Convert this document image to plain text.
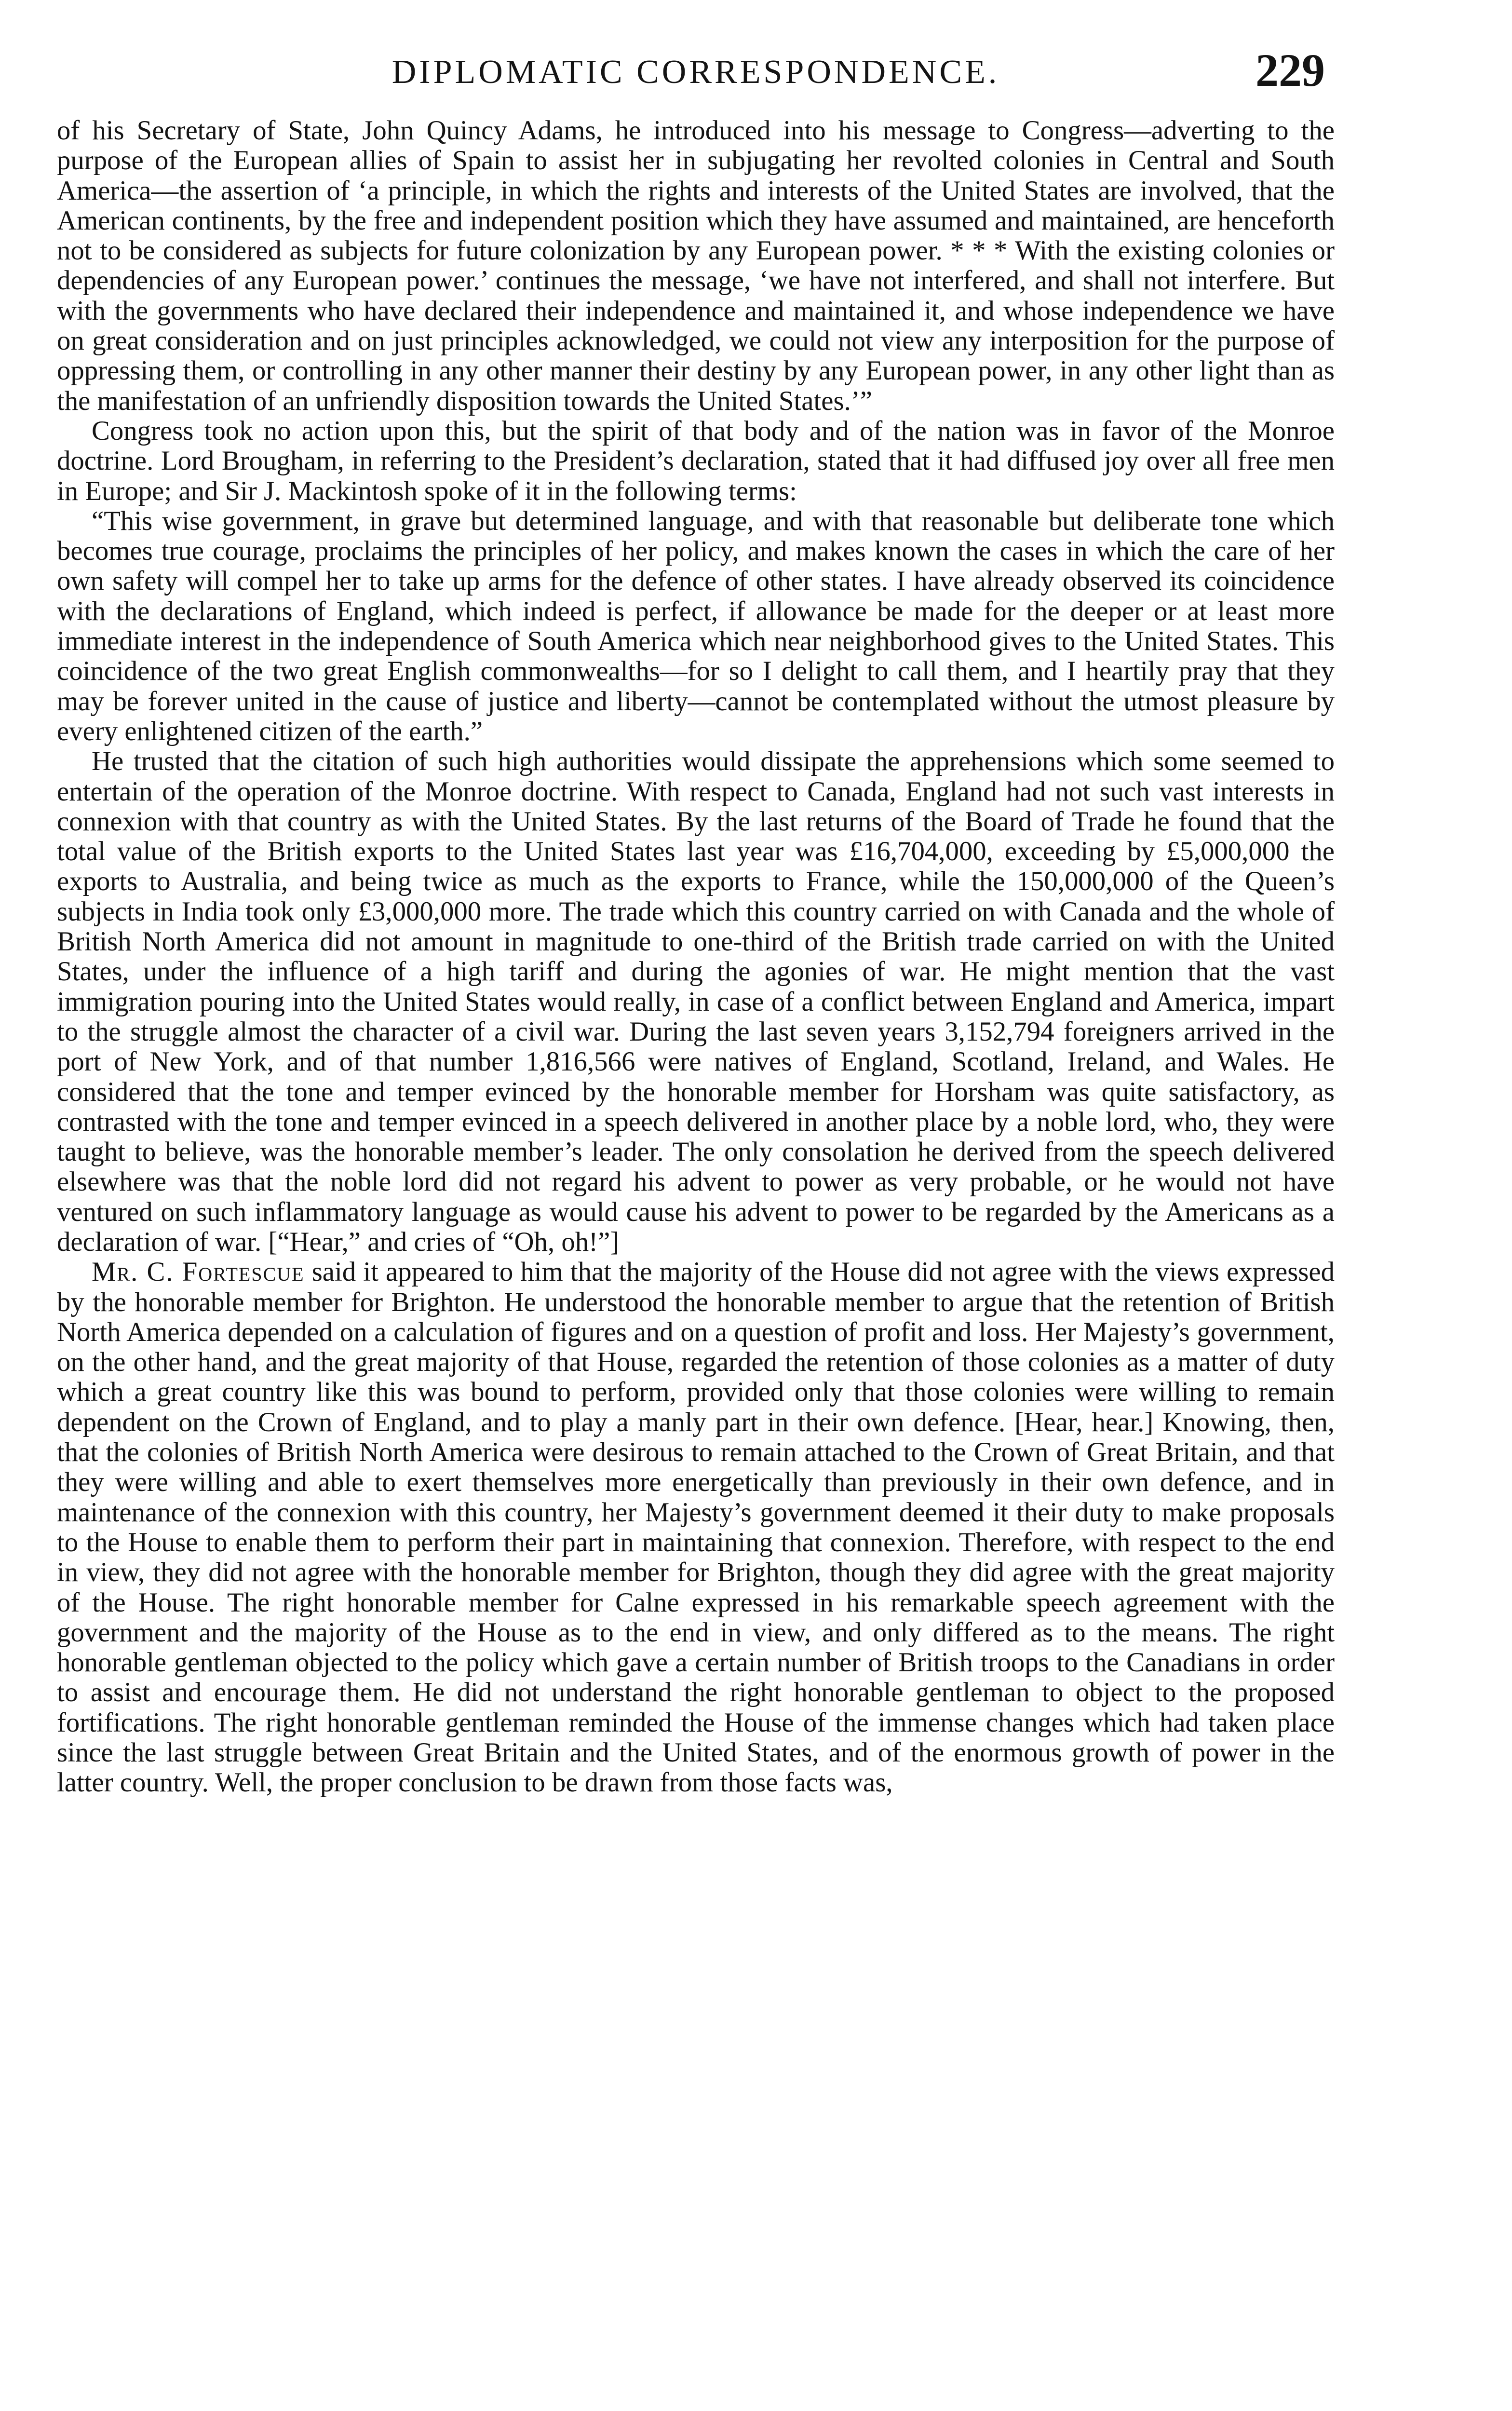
DIPLOMATIC CORRESPONDENCE.	229

of his Secretary of State, John Quincy Adams, he introduced into his message to Congress—adverting to the purpose of the European allies of Spain to assist her in subjugating her revolted colonies in Central and South America—the assertion of ‘a principle, in which the rights and interests of the United States are involved, that the American continents, by the free and independent position which they have assumed and maintained, are henceforth not to be considered as subjects for future colonization by any European power. * * * With the existing colonies or dependencies of any European power.’ continues the message, ‘we have not interfered, and shall not interfere. But with the governments who have declared their independence and maintained it, and whose independence we have on great consideration and on just principles acknowledged, we could not view any interposition for the purpose of oppressing them, or controlling in any other manner their destiny by any European power, in any other light than as the manifestation of an unfriendly disposition towards the United States.’”

Congress took no action upon this, but the spirit of that body and of the nation was in favor of the Monroe doctrine. Lord Brougham, in referring to the President’s declaration, stated that it had diffused joy over all free men in Europe; and Sir J. Mackintosh spoke of it in the following terms:

“This wise government, in grave but determined language, and with that reasonable but deliberate tone which becomes true courage, proclaims the principles of her policy, and makes known the cases in which the care of her own safety will compel her to take up arms for the defence of other states. I have already observed its coincidence with the declarations of England, which indeed is perfect, if allowance be made for the deeper or at least more immediate interest in the independence of South America which near neighborhood gives to the United States. This coincidence of the two great English commonwealths—for so I delight to call them, and I heartily pray that they may be forever united in the cause of justice and liberty—cannot be contemplated without the utmost pleasure by every enlightened citizen of the earth.”

He trusted that the citation of such high authorities would dissipate the apprehensions which some seemed to entertain of the operation of the Monroe doctrine. With respect to Canada, England had not such vast interests in connexion with that country as with the United States. By the last returns of the Board of Trade he found that the total value of the British exports to the United States last year was £16,704,000, exceeding by £5,000,000 the exports to Australia, and being twice as much as the exports to France, while the 150,000,000 of the Queen’s subjects in India took only £3,000,000 more. The trade which this country carried on with Canada and the whole of British North America did not amount in magnitude to one-third of the British trade carried on with the United States, under the influence of a high tariff and during the agonies of war. He might mention that the vast immigration pouring into the United States would really, in case of a conflict between England and America, impart to the struggle almost the character of a civil war. During the last seven years 3,152,794 foreigners arrived in the port of New York, and of that number 1,816,566 were natives of England, Scotland, Ireland, and Wales. He considered that the tone and temper evinced by the honorable member for Horsham was quite satisfactory, as contrasted with the tone and temper evinced in a speech delivered in another place by a noble lord, who, they were taught to believe, was the honorable member’s leader. The only consolation he derived from the speech delivered elsewhere was that the noble lord did not regard his advent to power as very probable, or he would not have ventured on such inflammatory language as would cause his advent to power to be regarded by the Americans as a declaration of war. [“Hear,” and cries of “Oh, oh!”]

Mr. C. Fortescue said it appeared to him that the majority of the House did not agree with the views expressed by the honorable member for Brighton. He understood the honorable member to argue that the retention of British North America depended on a calculation of figures and on a question of profit and loss. Her Majesty’s government, on the other hand, and the great majority of that House, regarded the retention of those colonies as a matter of duty which a great country like this was bound to perform, provided only that those colonies were willing to remain dependent on the Crown of England, and to play a manly part in their own defence. [Hear, hear.] Knowing, then, that the colonies of British North America were desirous to remain attached to the Crown of Great Britain, and that they were willing and able to exert themselves more energetically than previously in their own defence, and in maintenance of the connexion with this country, her Majesty’s government deemed it their duty to make proposals to the House to enable them to perform their part in maintaining that connexion. Therefore, with respect to the end in view, they did not agree with the honorable member for Brighton, though they did agree with the great majority of the House. The right honorable member for Calne expressed in his remarkable speech agreement with the government and the majority of the House as to the end in view, and only differed as to the means. The right honorable gentleman objected to the policy which gave a certain number of British troops to the Canadians in order to assist and encourage them. He did not understand the right honorable gentleman to object to the proposed fortifications. The right honorable gentleman reminded the House of the immense changes which had taken place since the last struggle between Great Britain and the United States, and of the enormous growth of power in the latter country. Well, the proper conclusion to be drawn from those facts was,
